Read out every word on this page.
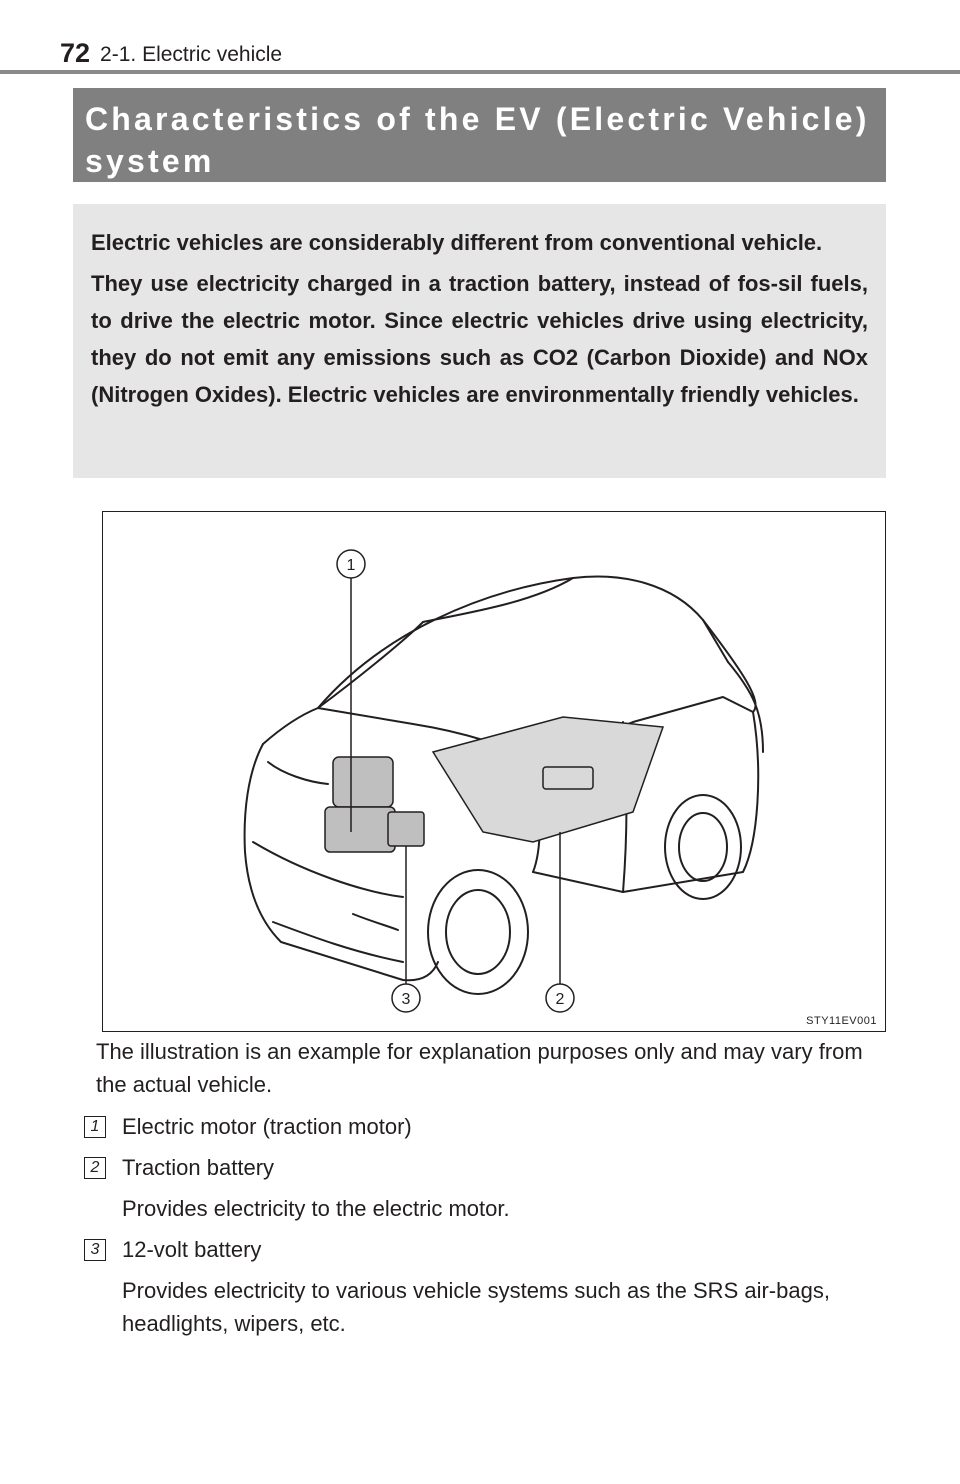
72 2-1. Electric vehicle
Characteristics of the EV (Electric Vehicle)
system

Electric vehicles are considerably different from conventional vehicle.

They use electricity charged in a traction battery, instead of fos-sil fuels, to drive the electric motor. Since electric vehicles drive using electricity, they do not emit any emissions such as CO2 (Carbon Dioxide) and NOx (Nitrogen Oxides). Electric vehicles are environmentally friendly vehicles.

1
2
3
STY11EV001
The illustration is an example for explanation purposes only and may vary from the actual vehicle.
1 Electric motor (traction motor)
2 Traction battery
Provides electricity to the electric motor.
3 12-volt battery
Provides electricity to various vehicle systems such as the SRS air-bags, headlights, wipers, etc.
